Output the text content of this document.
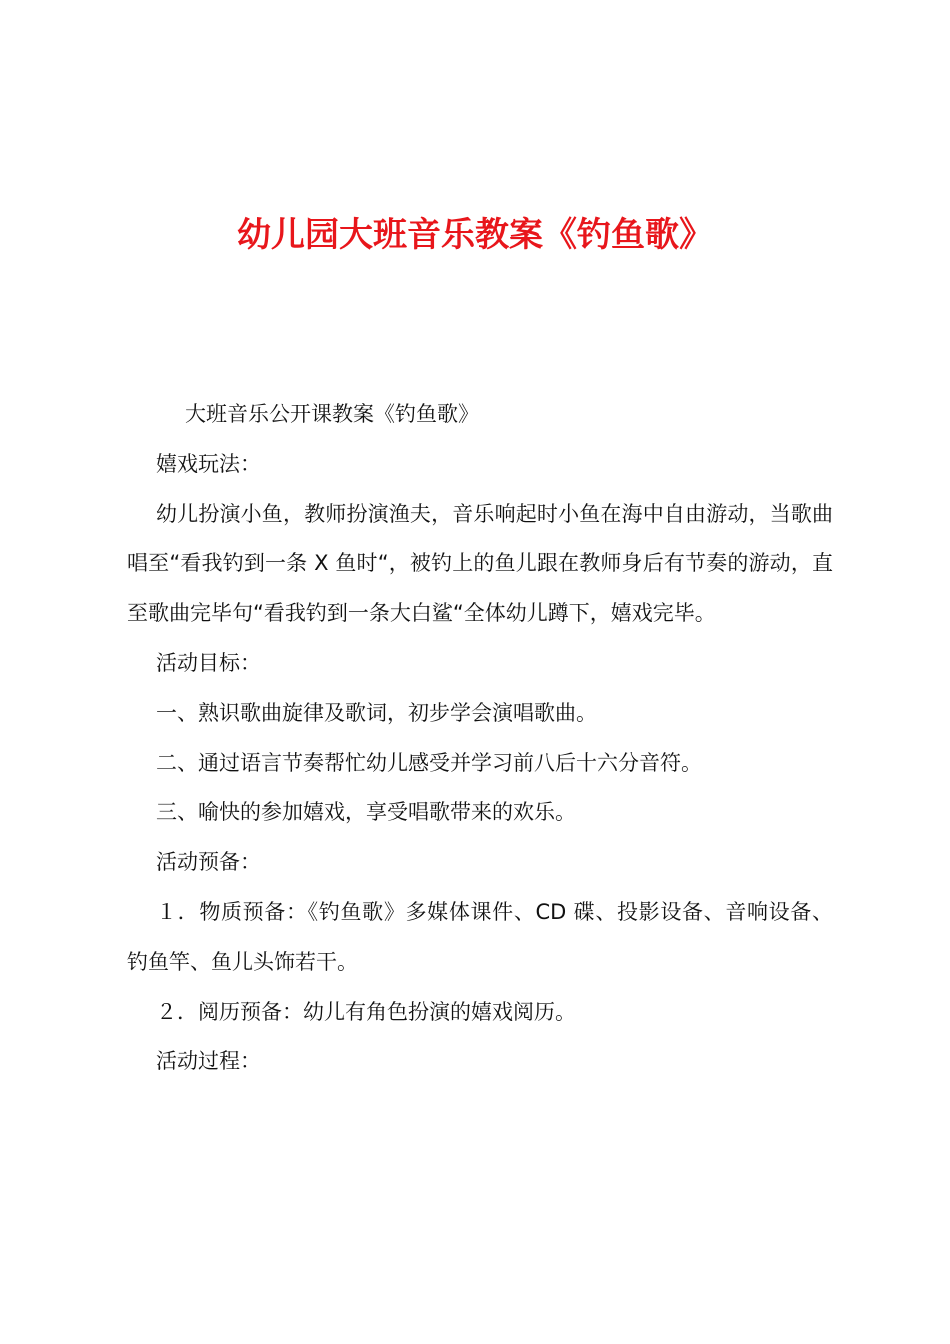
幼儿园大班音乐教案《钓鱼歌》

大班音乐公开课教案《钓鱼歌》

嬉戏玩法：

幼儿扮演小鱼，教师扮演渔夫，音乐响起时小鱼在海中自由游动，当歌曲唱至“看我钓到一条 X 鱼时“，被钓上的鱼儿跟在教师身后有节奏的游动，直至歌曲完毕句“看我钓到一条大白鲨“全体幼儿蹲下，嬉戏完毕。

活动目标：

一、熟识歌曲旋律及歌词，初步学会演唱歌曲。

二、通过语言节奏帮忙幼儿感受并学习前八后十六分音符。

三、喻快的参加嬉戏，享受唱歌带来的欢乐。

活动预备：

１．物质预备：《钓鱼歌》多媒体课件、CD 碟、投影设备、音响设备、钓鱼竿、鱼儿头饰若干。

２．阅历预备：幼儿有角色扮演的嬉戏阅历。

活动过程：
